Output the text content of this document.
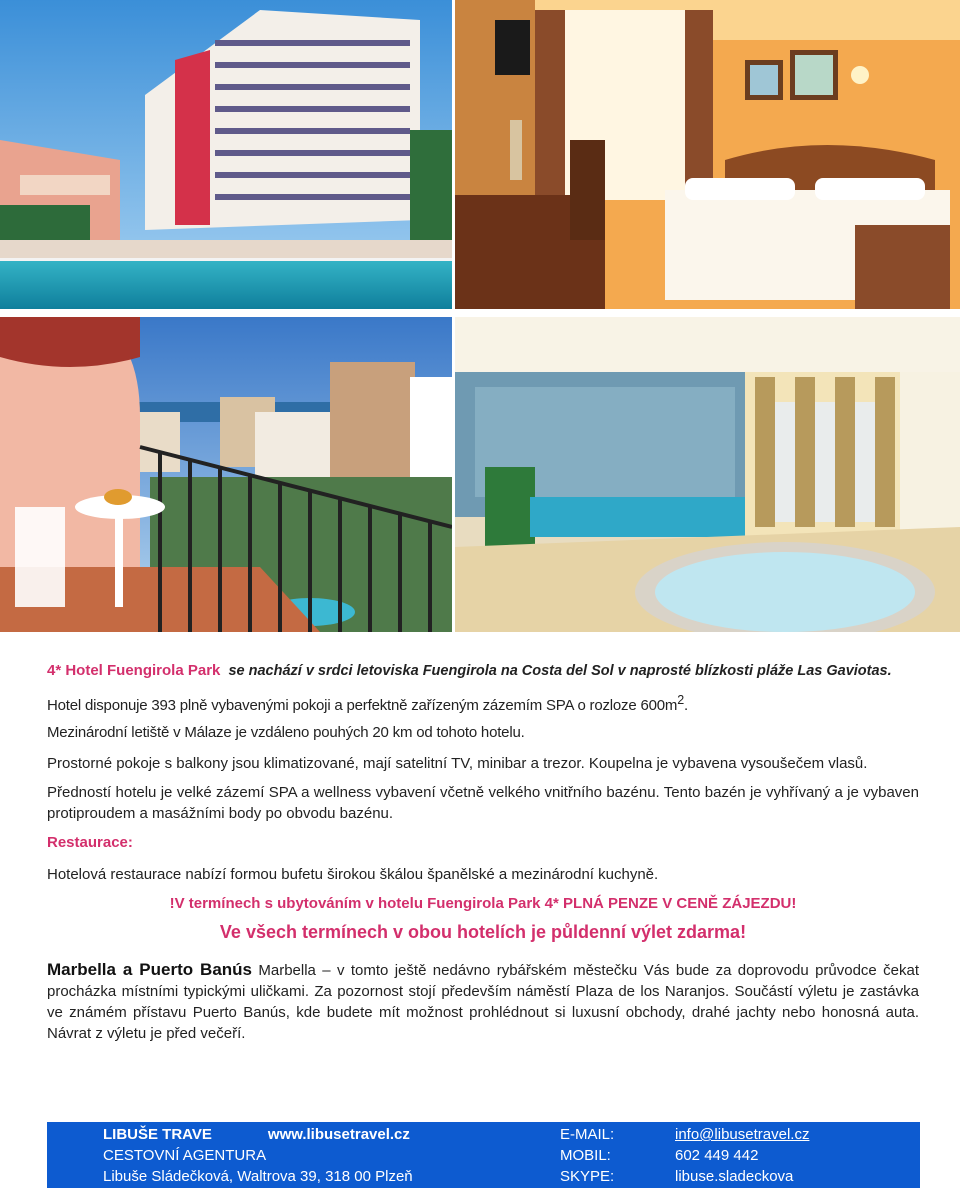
4* Hotel Fuengirola Park se nachází v srdci letoviska Fuengirola na Costa del Sol v naprosté blízkosti pláže Las Gaviotas.

Hotel disponuje 393 plně vybavenými pokoji a perfektně zařízeným zázemím SPA o rozloze $600m^2$.

Mezinárodní letiště v Málaze je vzdáleno pouhých 20 km od tohoto hotelu.

Prostorné pokoje s balkony jsou klimatizované, mají satelitní TV, minibar a trezor. Koupelna je vybavena vysoušečem vlasů.

Předností hotelu je velké zázemí SPA a wellness vybavení včetně velkého vnitřního bazénu. Tento bazén je vyhřívaný a je vybaven protiproudem a masážními body po obvodu bazénu.

Restaurace:

Hotelová restaurace nabízí formou bufetu širokou škálou španělské a mezinárodní kuchyně.

!V termínech s ubytováním v hotelu Fuengirola Park 4* PLNÁ PENZE V CENĚ ZÁJEZDU!

Ve všech termínech v obou hotelích je půldenní výlet zdarma!

Marbella a Puerto Banús Marbella – v tomto ještě nedávno rybářském městečku Vás bude za doprovodu průvodce čekat procházka místními typickými uličkami. Za pozornost stojí především náměstí Plaza de los Naranjos. Součástí výletu je zastávka ve známém přístavu Puerto Banús, kde budete mít možnost prohlédnout si luxusní obchody, drahé jachty nebo honosná auta. Návrat z výletu je před večeří.

LIBUŠE TRAVE	www.libusetravel.cz
CESTOVNÍ AGENTURA
Libuše Sládečková, Waltrova 39, 318 00 Plzeň
E-MAIL:
MOBIL:
SKYPE:
info@libusetravel.cz
602 449 442
libuse.sladeckova
